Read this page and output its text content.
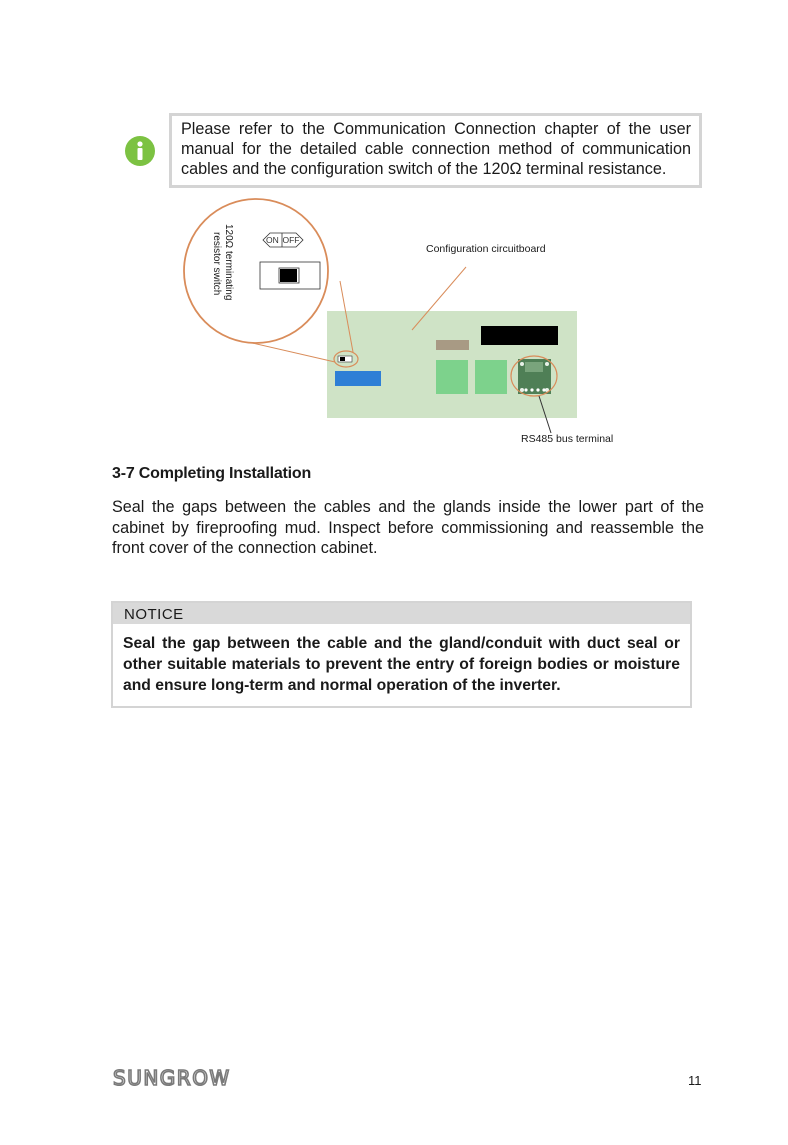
Please refer to the Communication Connection chapter of the user manual for the detailed cable connection method of communication cables and the configuration switch of the 120Ω terminal resistance.

ON OFF
120Ω terminating
resistor switch	Configuration circuitboard
RS485 bus terminal
3-7 Completing Installation

Seal the gaps between the cables and the glands inside the lower part of the cabinet by fireproofing mud. Inspect before commissioning and reassemble the front cover of the connection cabinet.

NOTICE
Seal the gap between the cable and the gland/conduit with duct seal or other suitable materials to prevent the entry of foreign bodies or moisture and ensure long-term and normal operation of the inverter.
SUNGROW	11
